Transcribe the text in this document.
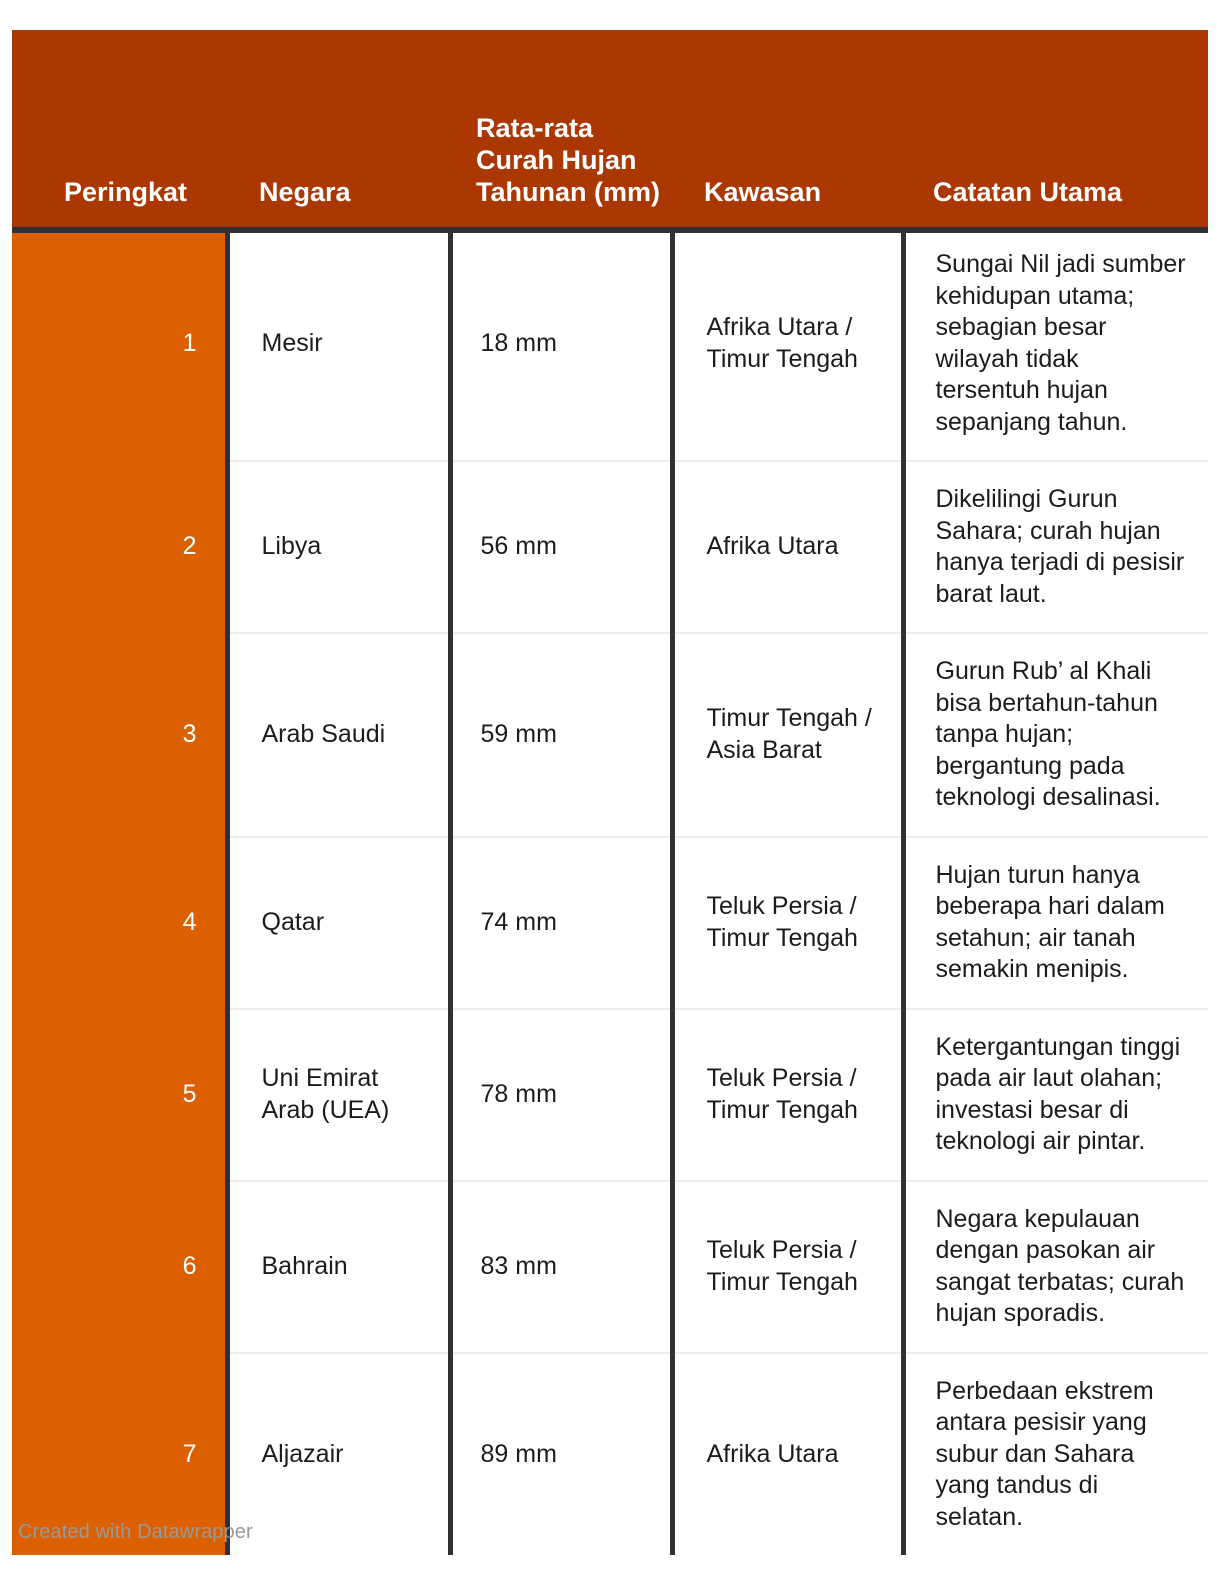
Peringkat	Negara	Rata-rata Curah Hujan Tahunan (mm)	Kawasan	Catatan Utama

1	Mesir	18 mm	Afrika Utara / Timur Tengah	Sungai Nil jadi sumber kehidupan utama; sebagian besar wilayah tidak tersentuh hujan sepanjang tahun.
2	Libya	56 mm	Afrika Utara	Dikelilingi Gurun Sahara; curah hujan hanya terjadi di pesisir barat laut.
3	Arab Saudi	59 mm	Timur Tengah / Asia Barat	Gurun Rub’ al Khali bisa bertahun-tahun tanpa hujan; bergantung pada teknologi desalinasi.
4	Qatar	74 mm	Teluk Persia / Timur Tengah	Hujan turun hanya beberapa hari dalam setahun; air tanah semakin menipis.
5	Uni Emirat Arab (UEA)	78 mm	Teluk Persia / Timur Tengah	Ketergantungan tinggi pada air laut olahan; investasi besar di teknologi air pintar.
6	Bahrain	83 mm	Teluk Persia / Timur Tengah	Negara kepulauan dengan pasokan air sangat terbatas; curah hujan sporadis.
7	Aljazair	89 mm	Afrika Utara	Perbedaan ekstrem antara pesisir yang subur dan Sahara yang tandus di selatan.
Created with Datawrapper
